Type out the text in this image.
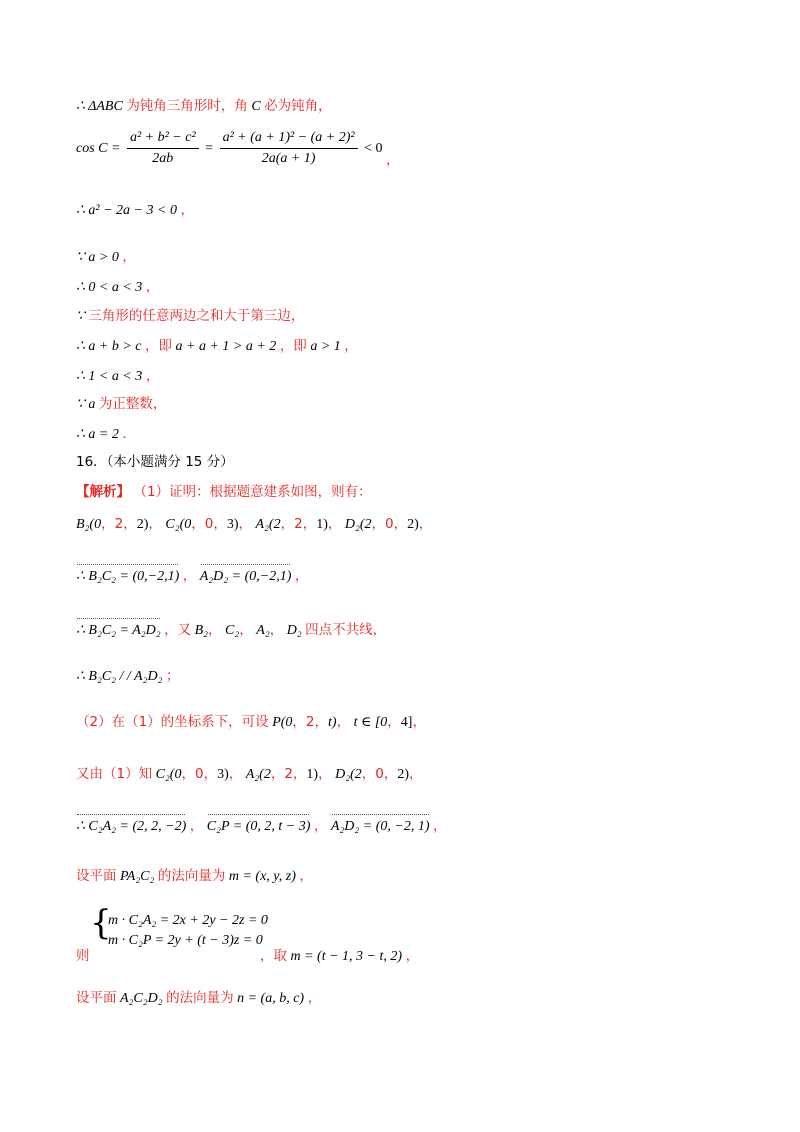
∴ ΔABC 为钝角三角形时，角 C 必为钝角，
$\cos C = \frac{\text{a² + b² − c²}}{2ab} = \frac{\text{a² + (a + 1)² − (a + 2)²}}{2a(a + 1)} < 0$ ，
∴ a² − 2a − 3 < 0 ，
∵ a > 0 ，
∴ 0 < a < 3 ，
∵ 三角形的任意两边之和大于第三边，
∴ a + b > c ，即 a + a + 1 > a + 2 ，即 a > 1 ，
∴ 1 < a < 3 ，
∵ a 为正整数，
∴ a = 2 ．
16．（本小题满分 15 分）
【解析】 （1）证明：根据题意建系如图，则有：
B₂(0，2，2)， C₂(0，0，3)， A₂(2，2，1)， D₂(2，0，2)，
∴ B₂C₂ = (0,−2,1) ， A₂D₂ = (0,−2,1) ，
∴ B₂C₂ = A₂D₂ ，又 B₂， C₂， A₂， D₂ 四点不共线，
∴ B₂C₂ / / A₂D₂ ；
（2）在（1）的坐标系下，可设 P(0，2，t)， t ∈ [0，4]，
又由（1）知 C₂(0，0，3)， A₂(2，2，1)， D₂(2，0，2)，
∴ C₂A₂ = (2, 2, −2) ， C₂P = (0, 2, t − 3) ， A₂D₂ = (0, −2, 1) ，
设平面 PA₂C₂ 的法向量为 m = (x, y, z) ，
则
{
m · C₂A₂ = 2x + 2y − 2z = 0
m · C₂P = 2y + (t − 3)z = 0
，取 m = (t − 1, 3 − t, 2) ，
设平面 A₂C₂D₂ 的法向量为 n = (a, b, c) ，
